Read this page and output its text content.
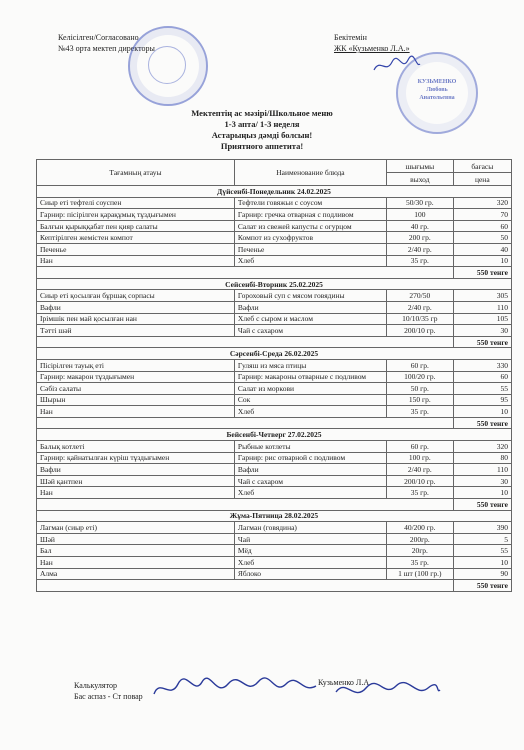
Келісілген/Согласовано
№43 орта мектеп директоры
Бекітемін
ЖК «Кузьменко Л.А.»
КУЗЬМЕНКО Любовь Анатольевна
Мектептің ас мәзірі/Школьное меню
1-3 апта/ 1-3 неделя
Астарыңыз дәмді болсын!
Приятного аппетита!
Тағамның атауы	Наименование блюда	шығымы	бағасы
		выход	цена
Дүйсенбі-Понедельник 24.02.2025			
Сиыр еті тефтелі соуспен	Тефтели говяжьи с соусом	50/30 гр.	320
Гарнир: пісірілген қарақұмық тұздығымен	Гарнир: гречка отварная с подливом	100	70
Балғын қырыққабат пен қияр салаты	Салат из свежей капусты с огурцом	40 гр.	60
Кептірілген жемістен компот	Компот из сухофруктов	200 гр.	50
Печенье	Печенье	2/40 гр.	40
Нан	Хлеб	35 гр.	10
			550 тенге
Сейсенбі-Вторник 25.02.2025			
Сиыр еті қосылған бұршақ сорпасы	Гороховый суп с мясом говядины	270/50	305
Вафли	Вафли	2/40 гр.	110
Ірімшік пен май қосылған нан	Хлеб с сыром и маслом	10/10/35 гр	105
Тәтті шәй	Чай с сахаром	200/10 гр.	30
			550 тенге
Сәрсенбі-Среда 26.02.2025			
Пісірілген тауық еті	Гуляш из мяса птицы	60 гр.	330
Гарнир: макарон тұздығымен	Гарнир: макароны отварные с подливом	100/20 гр.	60
Сәбіз салаты	Салат из моркови	50 гр.	55
Шырын	Сок	150 гр.	95
Нан	Хлеб	35 гр.	10
			550 тенге
Бейсенбі-Четверг 27.02.2025			
Балық котлеті	Рыбные котлеты	60 гр.	320
Гарнир: қайнатылған күріш тұздығымен	Гарнир: рис отварной с подливом	100 гр.	80
Вафли	Вафли	2/40 гр.	110
Шәй қантпен	Чай с сахаром	200/10 гр.	30
Нан	Хлеб	35 гр.	10
			550 тенге
Жұма-Пятница 28.02.2025			
Лагман (сиыр еті)	Лагман (говядина)	40/200 гр.	390
Шәй	Чай	200гр.	5
Бал	Мёд	20гр.	55
Нан	Хлеб	35 гр.	10
Алма	Яблоко	1 шт (100 гр.)	90
			550 тенге
Калькулятор
Бас аспаз - Ст повар
Кузьменко Л.А.
